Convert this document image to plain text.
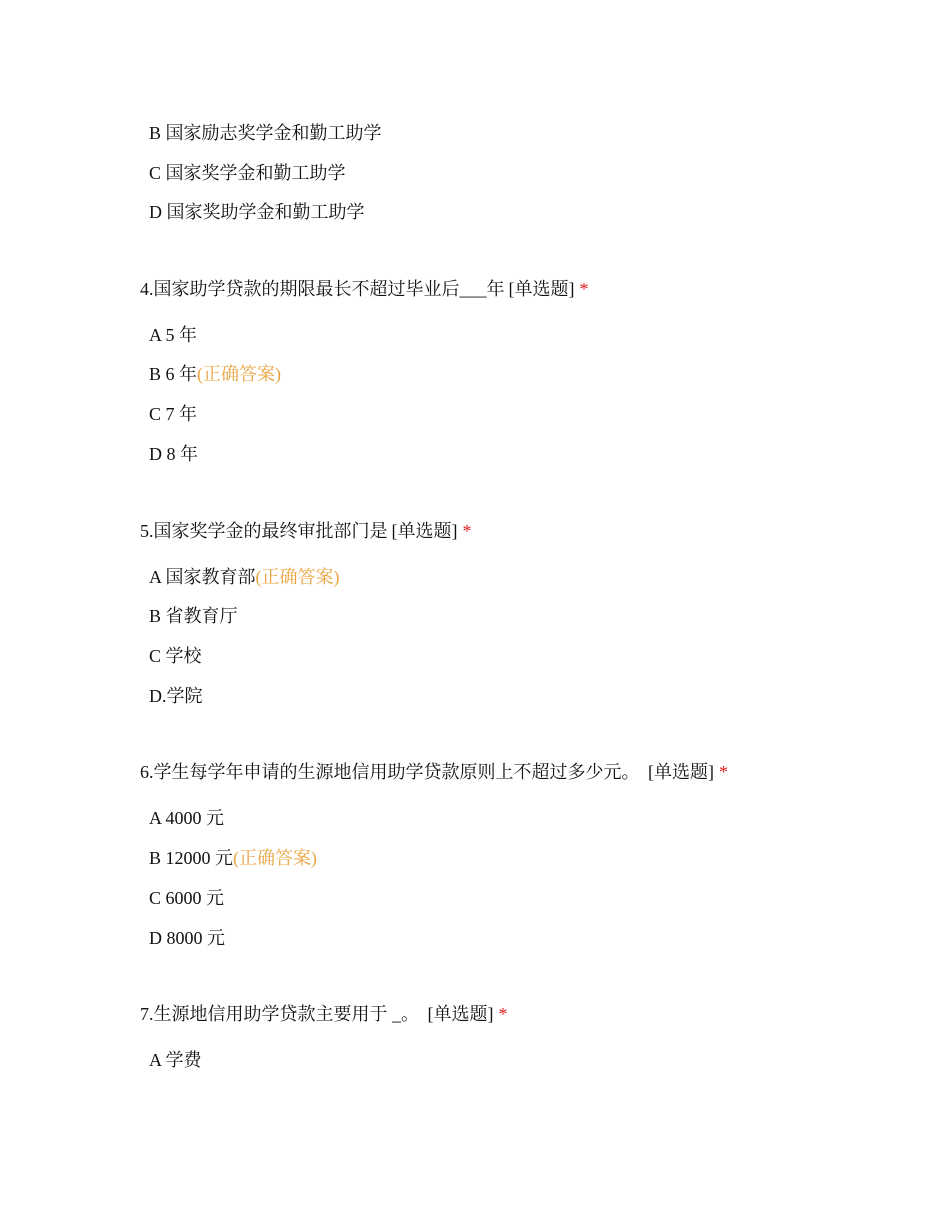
B 国家励志奖学金和勤工助学
C 国家奖学金和勤工助学
D 国家奖助学金和勤工助学
4.国家助学贷款的期限最长不超过毕业后___年 [单选题] *
A 5 年
B 6 年(正确答案)
C 7 年
D 8 年
5.国家奖学金的最终审批部门是 [单选题] *
A 国家教育部(正确答案)
B 省教育厅
C 学校
D.学院
6.学生每学年申请的生源地信用助学贷款原则上不超过多少元。 [单选题] *
A 4000 元
B 12000 元(正确答案)
C 6000 元
D 8000 元
7.生源地信用助学贷款主要用于 _。 [单选题] *
A 学费
